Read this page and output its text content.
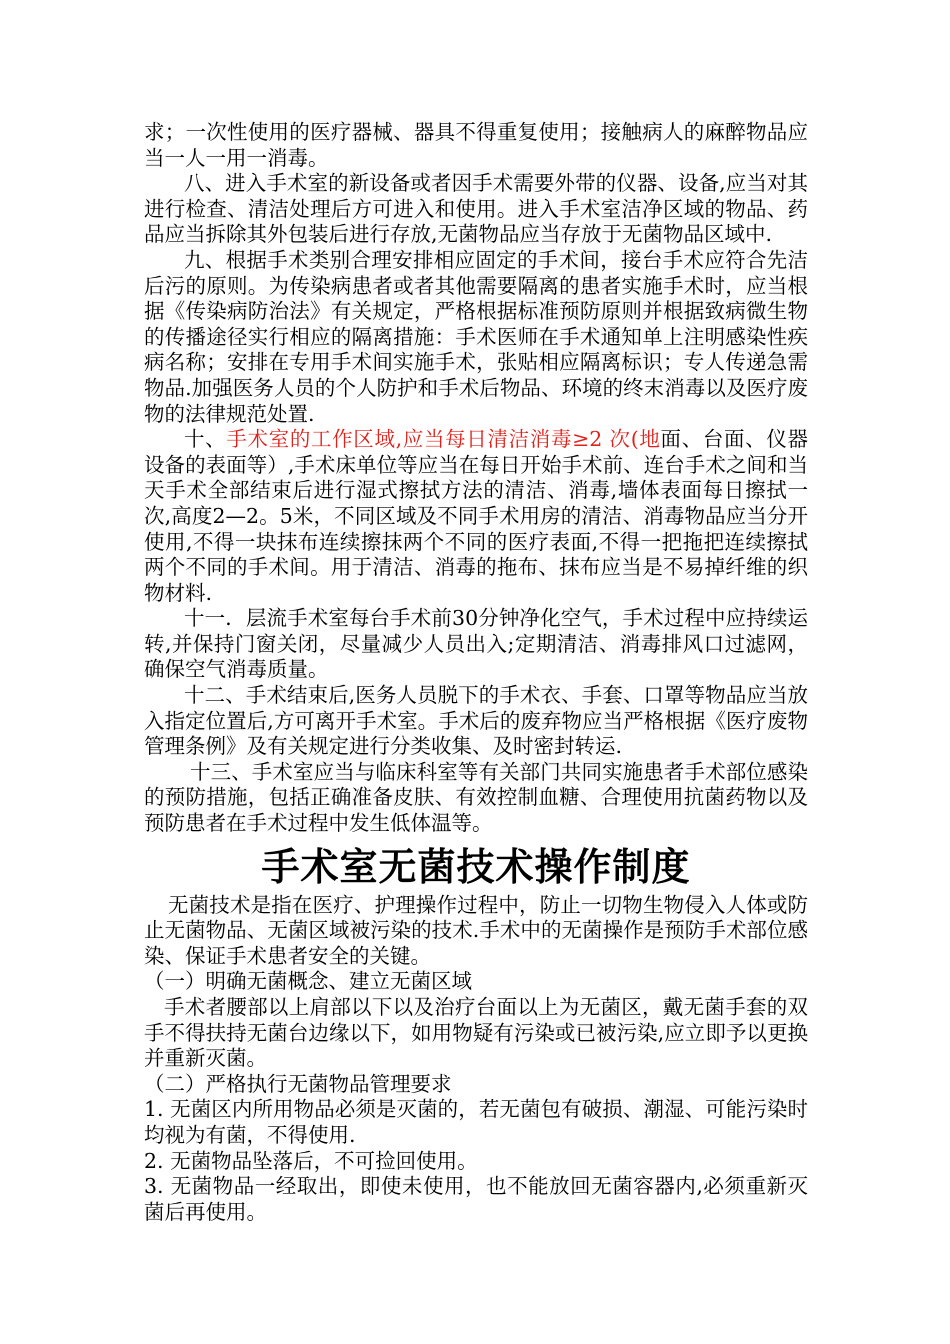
求；一次性使用的医疗器械、器具不得重复使用；接触病人的麻醉物品应当一人一用一消毒。

八、进入手术室的新设备或者因手术需要外带的仪器、设备,应当对其进行检查、清洁处理后方可进入和使用。进入手术室洁净区域的物品、药品应当拆除其外包装后进行存放,无菌物品应当存放于无菌物品区域中.

九、根据手术类别合理安排相应固定的手术间，接台手术应符合先洁后污的原则。为传染病患者或者其他需要隔离的患者实施手术时，应当根据《传染病防治法》有关规定，严格根据标准预防原则并根据致病微生物的传播途径实行相应的隔离措施：手术医师在手术通知单上注明感染性疾病名称；安排在专用手术间实施手术，张贴相应隔离标识；专人传递急需物品.加强医务人员的个人防护和手术后物品、环境的终末消毒以及医疗废物的法律规范处置.

十、手术室的工作区域,应当每日清洁消毒≥2 次(地面、台面、仪器设备的表面等）,手术床单位等应当在每日开始手术前、连台手术之间和当天手术全部结束后进行湿式擦拭方法的清洁、消毒,墙体表面每日擦拭一次,高度2—2。5米，不同区域及不同手术用房的清洁、消毒物品应当分开使用,不得一块抹布连续擦抹两个不同的医疗表面,不得一把拖把连续擦拭两个不同的手术间。用于清洁、消毒的拖布、抹布应当是不易掉纤维的织物材料.

十一．层流手术室每台手术前30分钟净化空气，手术过程中应持续运转,并保持门窗关闭，尽量减少人员出入;定期清洁、消毒排风口过滤网，确保空气消毒质量。

十二、手术结束后,医务人员脱下的手术衣、手套、口罩等物品应当放入指定位置后,方可离开手术室。手术后的废弃物应当严格根据《医疗废物管理条例》及有关规定进行分类收集、及时密封转运.

十三、手术室应当与临床科室等有关部门共同实施患者手术部位感染的预防措施，包括正确准备皮肤、有效控制血糖、合理使用抗菌药物以及预防患者在手术过程中发生低体温等。

手术室无菌技术操作制度

无菌技术是指在医疗、护理操作过程中，防止一切物生物侵入人体或防止无菌物品、无菌区域被污染的技术.手术中的无菌操作是预防手术部位感染、保证手术患者安全的关键。

（一）明确无菌概念、建立无菌区域

手术者腰部以上肩部以下以及治疗台面以上为无菌区，戴无菌手套的双手不得扶持无菌台边缘以下，如用物疑有污染或已被污染,应立即予以更换并重新灭菌。

（二）严格执行无菌物品管理要求

1. 无菌区内所用物品必须是灭菌的，若无菌包有破损、潮湿、可能污染时均视为有菌，不得使用.

2. 无菌物品坠落后，不可捡回使用。

3. 无菌物品一经取出，即使未使用，也不能放回无菌容器内,必须重新灭菌后再使用。
